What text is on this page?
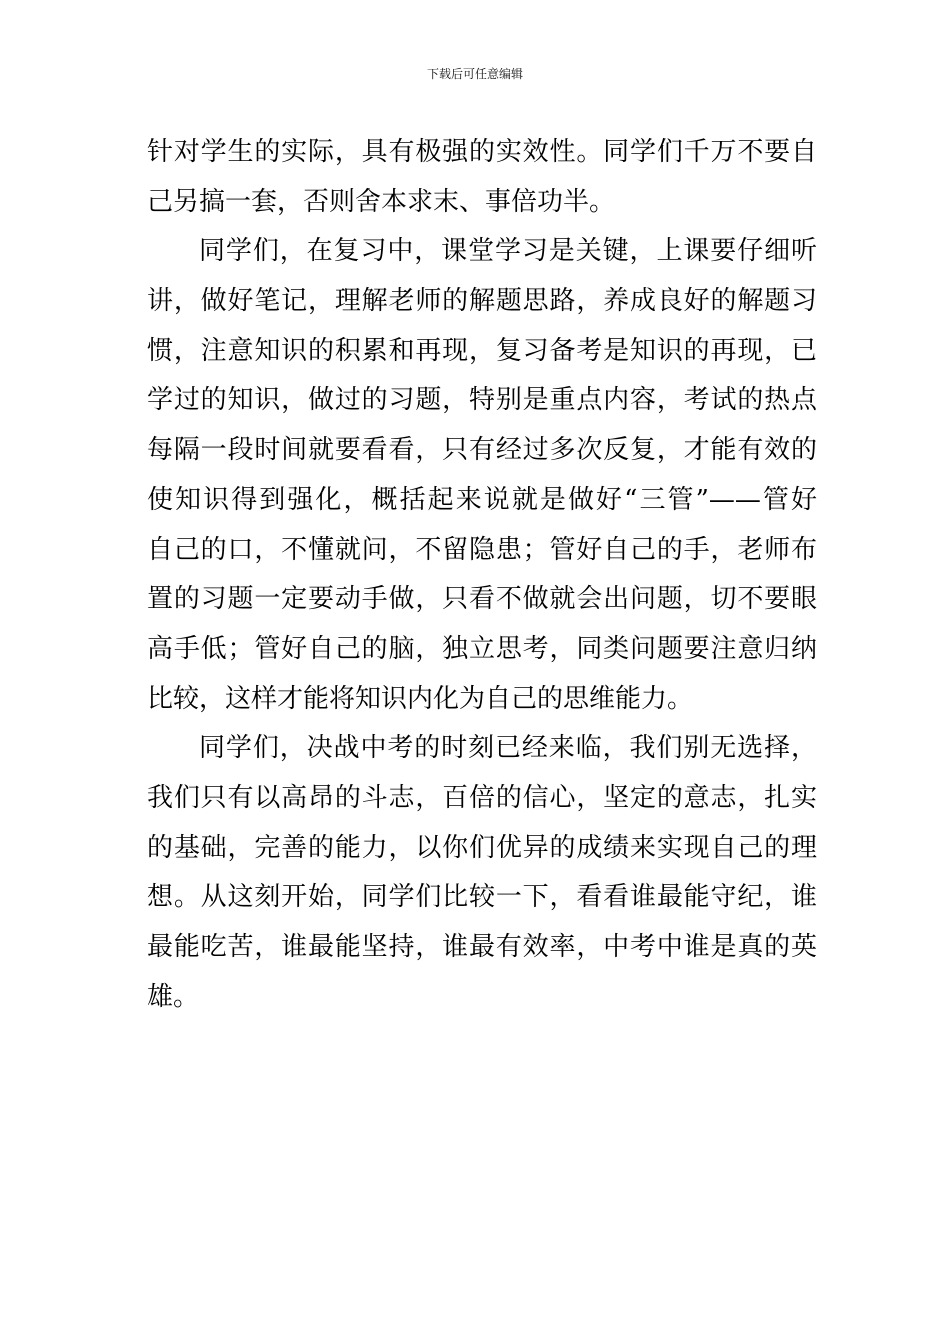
下载后可任意编辑

针对学生的实际，具有极强的实效性。同学们千万不要自

己另搞一套，否则舍本求末、事倍功半。

同学们，在复习中，课堂学习是关键，上课要仔细听

讲，做好笔记，理解老师的解题思路，养成良好的解题习

惯，注意知识的积累和再现，复习备考是知识的再现，已

学过的知识，做过的习题，特别是重点内容，考试的热点

每隔一段时间就要看看，只有经过多次反复，才能有效的

使知识得到强化，概括起来说就是做好“三管”——管好

自己的口，不懂就问，不留隐患；管好自己的手，老师布

置的习题一定要动手做，只看不做就会出问题，切不要眼

高手低；管好自己的脑，独立思考，同类问题要注意归纳

比较，这样才能将知识内化为自己的思维能力。

同学们，决战中考的时刻已经来临，我们别无选择，

我们只有以高昂的斗志，百倍的信心，坚定的意志，扎实

的基础，完善的能力，以你们优异的成绩来实现自己的理

想。从这刻开始，同学们比较一下，看看谁最能守纪，谁

最能吃苦，谁最能坚持，谁最有效率，中考中谁是真的英

雄。
